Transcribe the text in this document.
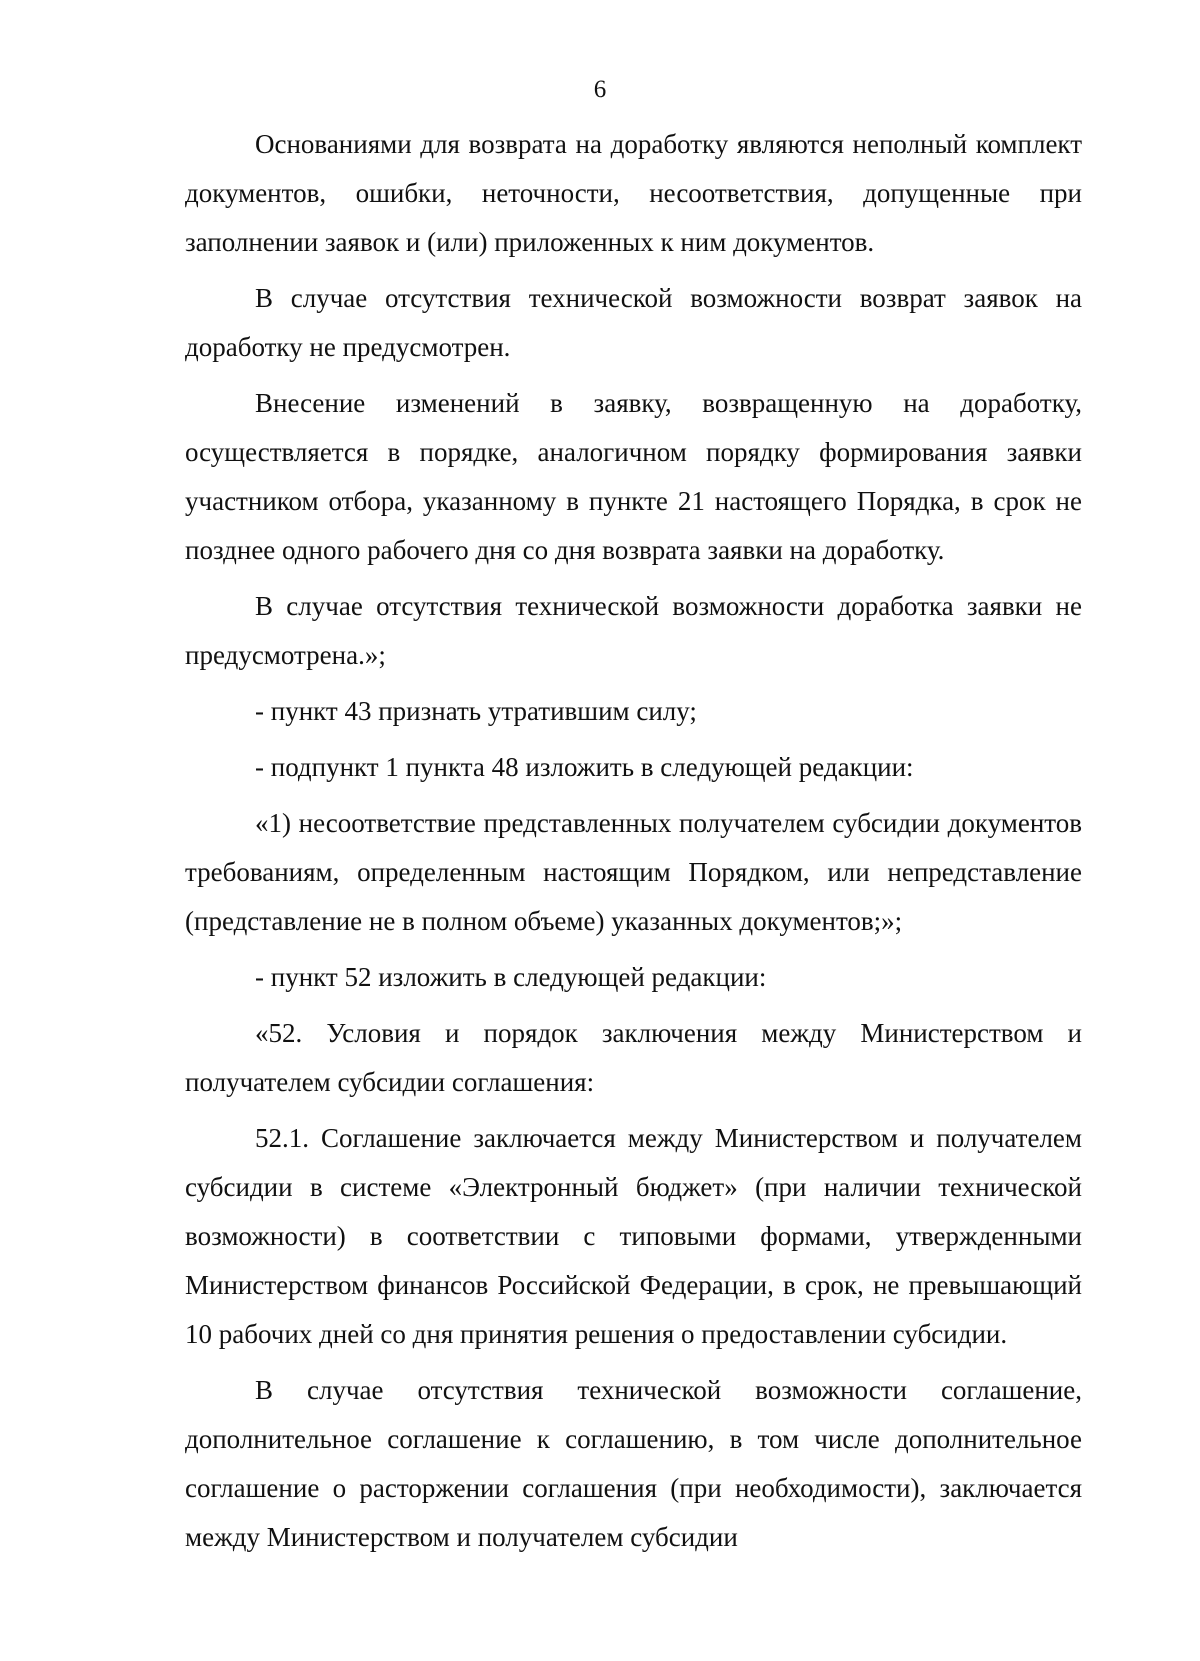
6

Основаниями для возврата на доработку являются неполный комплект документов, ошибки, неточности, несоответствия, допущенные при заполнении заявок и (или) приложенных к ним документов.

В случае отсутствия технической возможности возврат заявок на доработку не предусмотрен.

Внесение изменений в заявку, возвращенную на доработку, осуществляется в порядке, аналогичном порядку формирования заявки участником отбора, указанному в пункте 21 настоящего Порядка, в срок не позднее одного рабочего дня со дня возврата заявки на доработку.

В случае отсутствия технической возможности доработка заявки не предусмотрена.»;

- пункт 43 признать утратившим силу;

- подпункт 1 пункта 48 изложить в следующей редакции:

«1) несоответствие представленных получателем субсидии документов требованиям, определенным настоящим Порядком, или непредставление (представление не в полном объеме) указанных документов;»;

- пункт 52 изложить в следующей редакции:

«52. Условия и порядок заключения между Министерством и получателем субсидии соглашения:

52.1. Соглашение заключается между Министерством и получателем субсидии в системе «Электронный бюджет» (при наличии технической возможности) в соответствии с типовыми формами, утвержденными Министерством финансов Российской Федерации, в срок, не превышающий 10 рабочих дней со дня принятия решения о предоставлении субсидии.

В случае отсутствия технической возможности соглашение, дополнительное соглашение к соглашению, в том числе дополнительное соглашение о расторжении соглашения (при необходимости), заключается между Министерством и получателем субсидии
